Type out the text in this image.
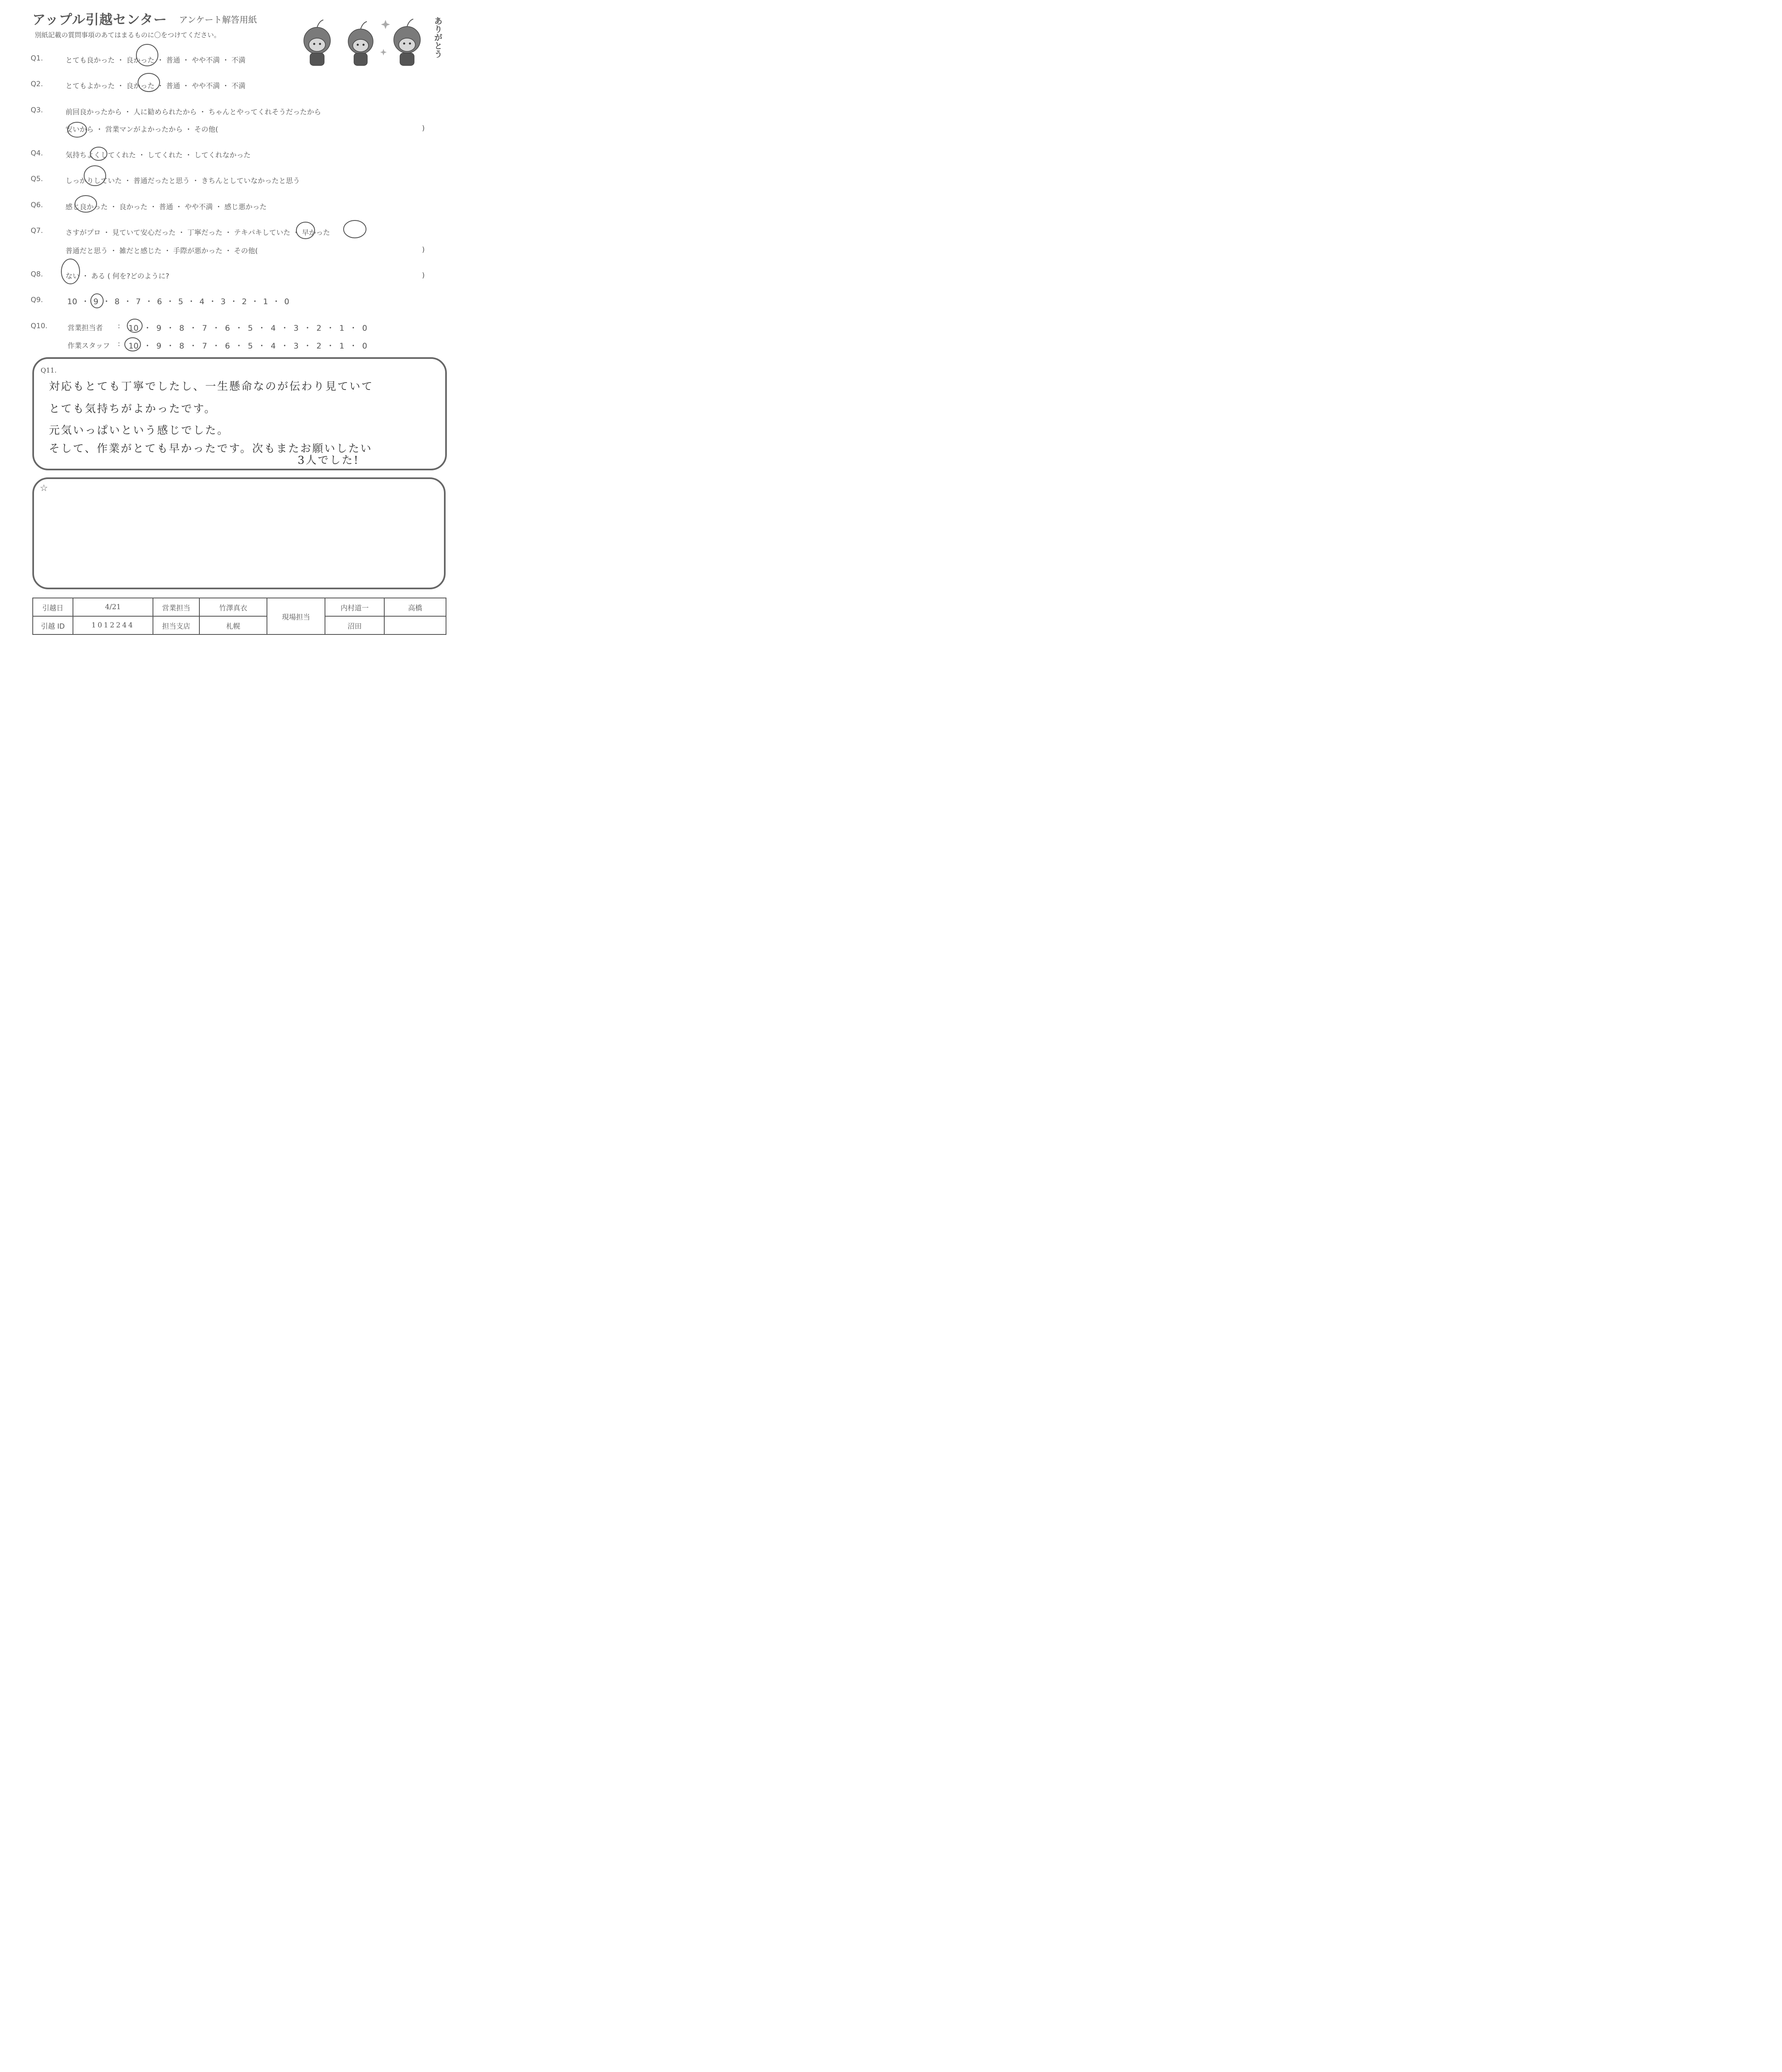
アップル引越センター アンケート解答用紙
別紙記載の質問事項のあてはまるものに〇をつけてください。	ありがとう
Q1.	とても良かった ・ 良かった ・ 普通 ・ やや不満 ・ 不満
Q2.	とてもよかった ・ 良かった ・ 普通 ・ やや不満 ・ 不満
Q3.	前回良かったから ・ 人に勧められたから ・ ちゃんとやってくれそうだったから
安いから ・ 営業マンがよかったから ・ その他(	)
Q4.	気持ちよくしてくれた ・ してくれた ・ してくれなかった
Q5.	しっかりしていた ・ 普通だったと思う ・ きちんとしていなかったと思う
Q6.	感じ良かった ・ 良かった ・ 普通 ・ やや不満 ・ 感じ悪かった
Q7.	さすがプロ ・ 見ていて安心だった ・ 丁寧だった ・ テキパキしていた ・ 早かった
普通だと思う ・ 雑だと感じた ・ 手際が悪かった ・ その他(	)
Q8.	ない ・ ある ( 何を?どのように?	)
Q9.	10 ・ 9 ・ 8 ・ 7 ・ 6 ・ 5 ・ 4 ・ 3 ・ 2 ・ 1 ・ 0
Q10.	営業担当者 : 10 ・ 9 ・ 8 ・ 7 ・ 6 ・ 5 ・ 4 ・ 3 ・ 2 ・ 1 ・ 0
作業スタッフ : 10 ・ 9 ・ 8 ・ 7 ・ 6 ・ 5 ・ 4 ・ 3 ・ 2 ・ 1 ・ 0
Q11.
対応もとても丁寧でしたし、一生懸命なのが伝わり見ていて
とても気持ちがよかったです。
元気いっぱいという感じでした。
そして、作業がとても早かったです。次もまたお願いしたい
3人でした!
☆
引越日	4/21	営業担当	竹澤真衣	現場担当	内村道一	高橋
引越 ID	1012244	担当支店	札幌		沼田	
